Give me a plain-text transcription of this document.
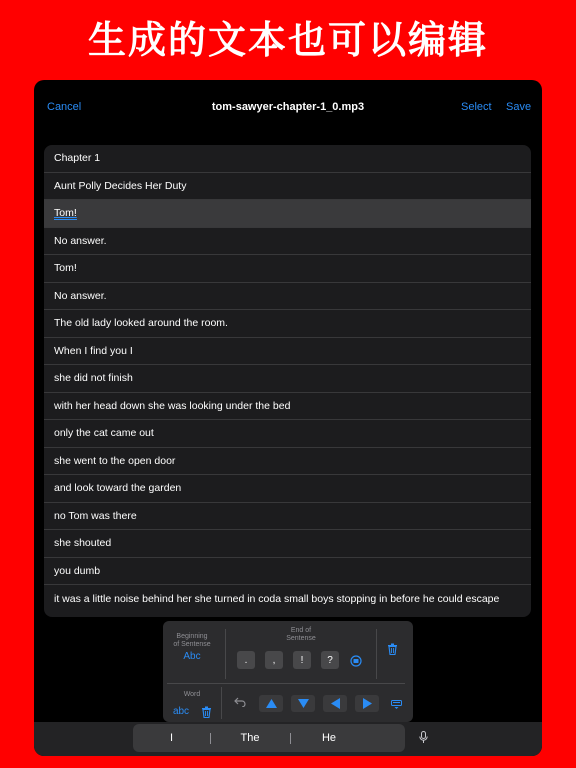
生成的文本也可以编辑
Cancel	tom-sawyer-chapter-1_0.mp3	Select Save
Chapter 1
Aunt Polly Decides Her Duty
Tom!
No answer.
Tom!
No answer.
The old lady looked around the room.
When I find you I
she did not finish
with her head down she was looking under the bed
only the cat came out
she went to the open door
and look toward the garden
no Tom was there
she shouted
you dumb
it was a little noise behind her she turned in coda small boys stopping in before he could escape
Beginning
of Sentense
Abc
End of
Sentense
.	,	!	?
Word
abc
I	The	He
